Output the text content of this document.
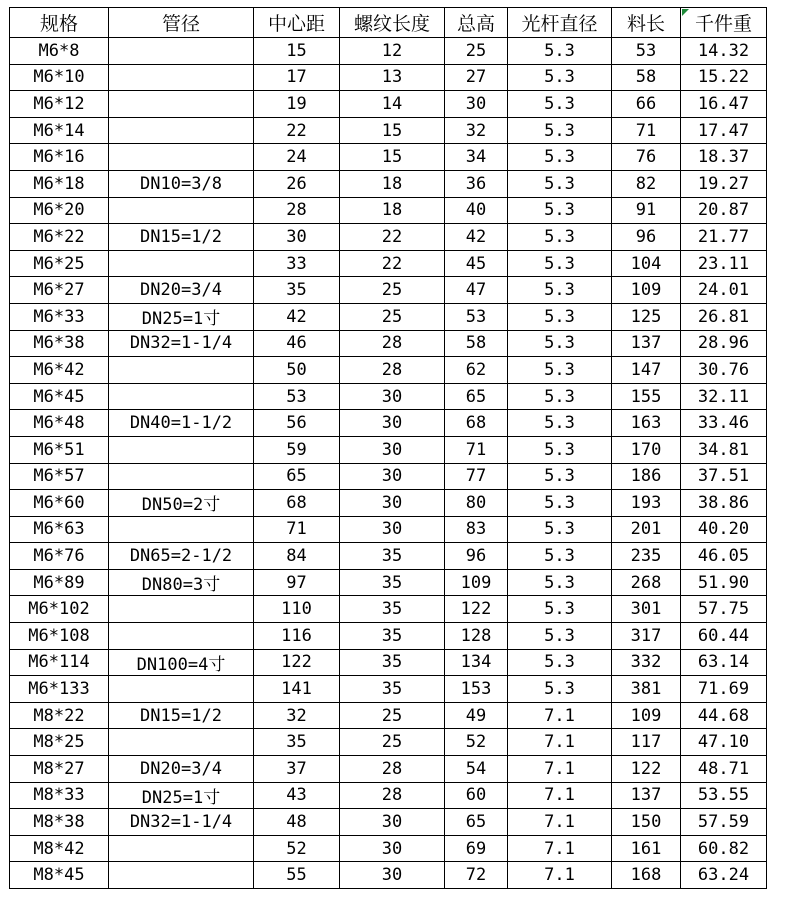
规格	管径	中心距	螺纹长度	总高	光杆直径	料长	千件重
M6*8		15	12	25	5.3	53	14.32
M6*10		17	13	27	5.3	58	15.22
M6*12		19	14	30	5.3	66	16.47
M6*14		22	15	32	5.3	71	17.47
M6*16		24	15	34	5.3	76	18.37
M6*18	DN10=3/8	26	18	36	5.3	82	19.27
M6*20		28	18	40	5.3	91	20.87
M6*22	DN15=1/2	30	22	42	5.3	96	21.77
M6*25		33	22	45	5.3	104	23.11
M6*27	DN20=3/4	35	25	47	5.3	109	24.01
M6*33	DN25=1寸	42	25	53	5.3	125	26.81
M6*38	DN32=1-1/4	46	28	58	5.3	137	28.96
M6*42		50	28	62	5.3	147	30.76
M6*45		53	30	65	5.3	155	32.11
M6*48	DN40=1-1/2	56	30	68	5.3	163	33.46
M6*51		59	30	71	5.3	170	34.81
M6*57		65	30	77	5.3	186	37.51
M6*60	DN50=2寸	68	30	80	5.3	193	38.86
M6*63		71	30	83	5.3	201	40.20
M6*76	DN65=2-1/2	84	35	96	5.3	235	46.05
M6*89	DN80=3寸	97	35	109	5.3	268	51.90
M6*102		110	35	122	5.3	301	57.75
M6*108		116	35	128	5.3	317	60.44
M6*114	DN100=4寸	122	35	134	5.3	332	63.14
M6*133		141	35	153	5.3	381	71.69
M8*22	DN15=1/2	32	25	49	7.1	109	44.68
M8*25		35	25	52	7.1	117	47.10
M8*27	DN20=3/4	37	28	54	7.1	122	48.71
M8*33	DN25=1寸	43	28	60	7.1	137	53.55
M8*38	DN32=1-1/4	48	30	65	7.1	150	57.59
M8*42		52	30	69	7.1	161	60.82
M8*45		55	30	72	7.1	168	63.24
